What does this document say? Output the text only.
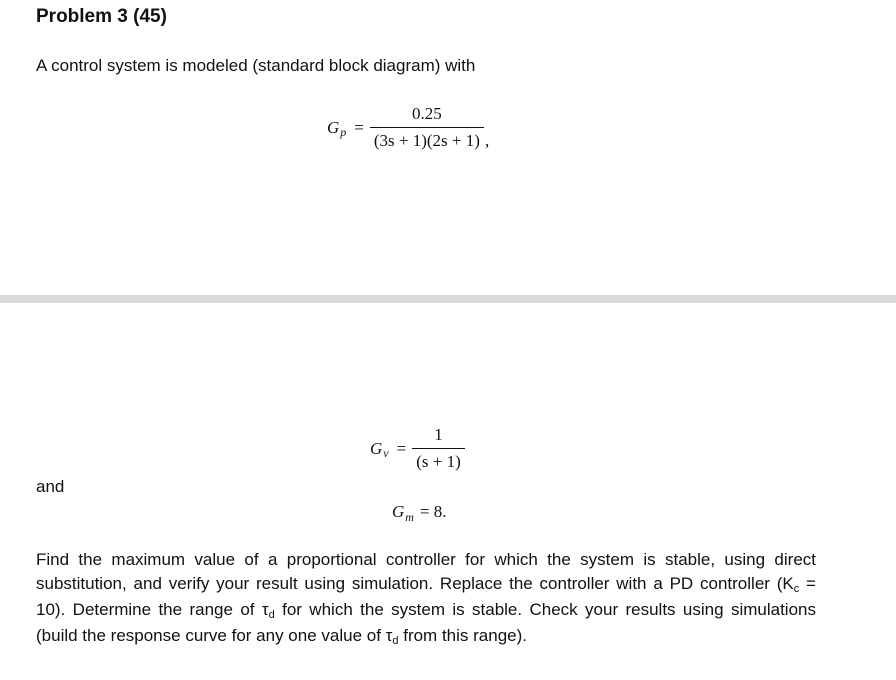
Problem 3 (45)
A control system is modeled (standard block diagram) with
G $p = \frac{0.25}{(3s + 1)(2s + 1)}$ ,
G $v = \frac{1}{(s + 1)}$
and
G m = 8.
Find the maximum value of a proportional controller for which the system is stable, using direct substitution, and verify your result using simulation. Replace the controller with a PD controller (Kc = 10). Determine the range of τd for which the system is stable. Check your results using simulations (build the response curve for any one value of τd from this range).
